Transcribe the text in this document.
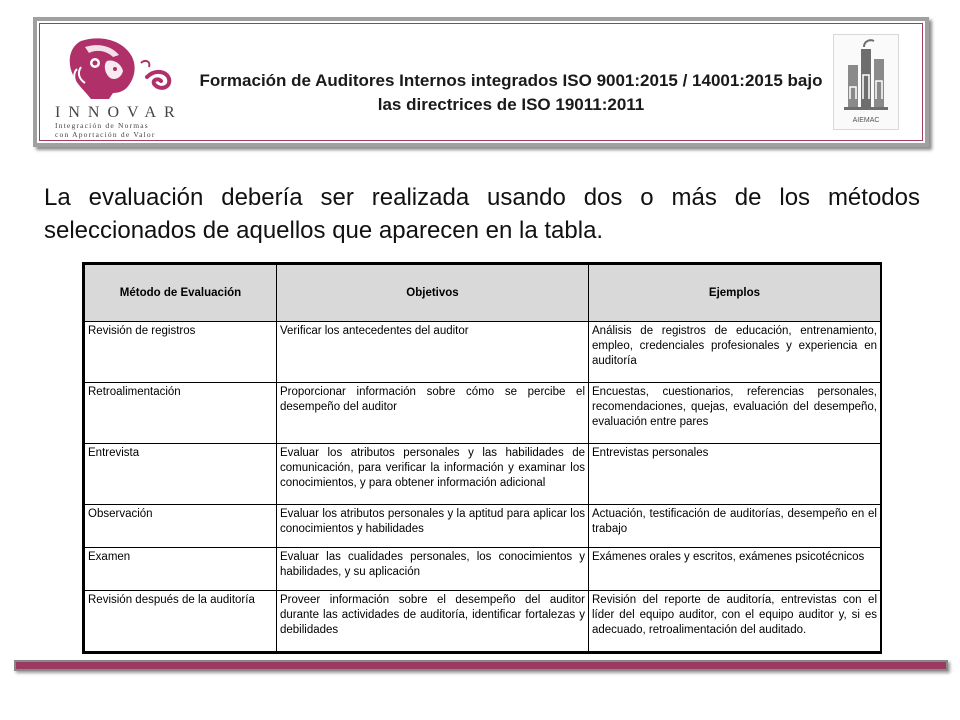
INNOVAR
Integración de Normas
con Aportación de Valor
Formación de Auditores Internos integrados ISO 9001:2015 / 14001:2015 bajo las directrices de ISO 19011:2011
AIEMAC
La evaluación debería ser realizada usando dos o más de los métodos seleccionados de aquellos que aparecen en la tabla.
Método de Evaluación	Objetivos	Ejemplos
Revisión de registros	Verificar los antecedentes del auditor	Análisis de registros de educación, entrenamiento, empleo, credenciales profesionales y experiencia en auditoría
Retroalimentación	Proporcionar información sobre cómo se percibe el desempeño del auditor	Encuestas, cuestionarios, referencias personales, recomendaciones, quejas, evaluación del desempeño, evaluación entre pares
Entrevista	Evaluar los atributos personales y las habilidades de comunicación, para verificar la información y examinar los conocimientos, y para obtener información adicional	Entrevistas personales
Observación	Evaluar los atributos personales y la aptitud para aplicar los conocimientos y habilidades	Actuación, testificación de auditorías, desempeño en el trabajo
Examen	Evaluar las cualidades personales, los conocimientos y habilidades, y su aplicación	Exámenes orales y escritos, exámenes psicotécnicos
Revisión después de la auditoría	Proveer información sobre el desempeño del auditor durante las actividades de auditoría, identificar fortalezas y debilidades	Revisión del reporte de auditoría, entrevistas con el líder del equipo auditor, con el equipo auditor y, si es adecuado, retroalimentación del auditado.
